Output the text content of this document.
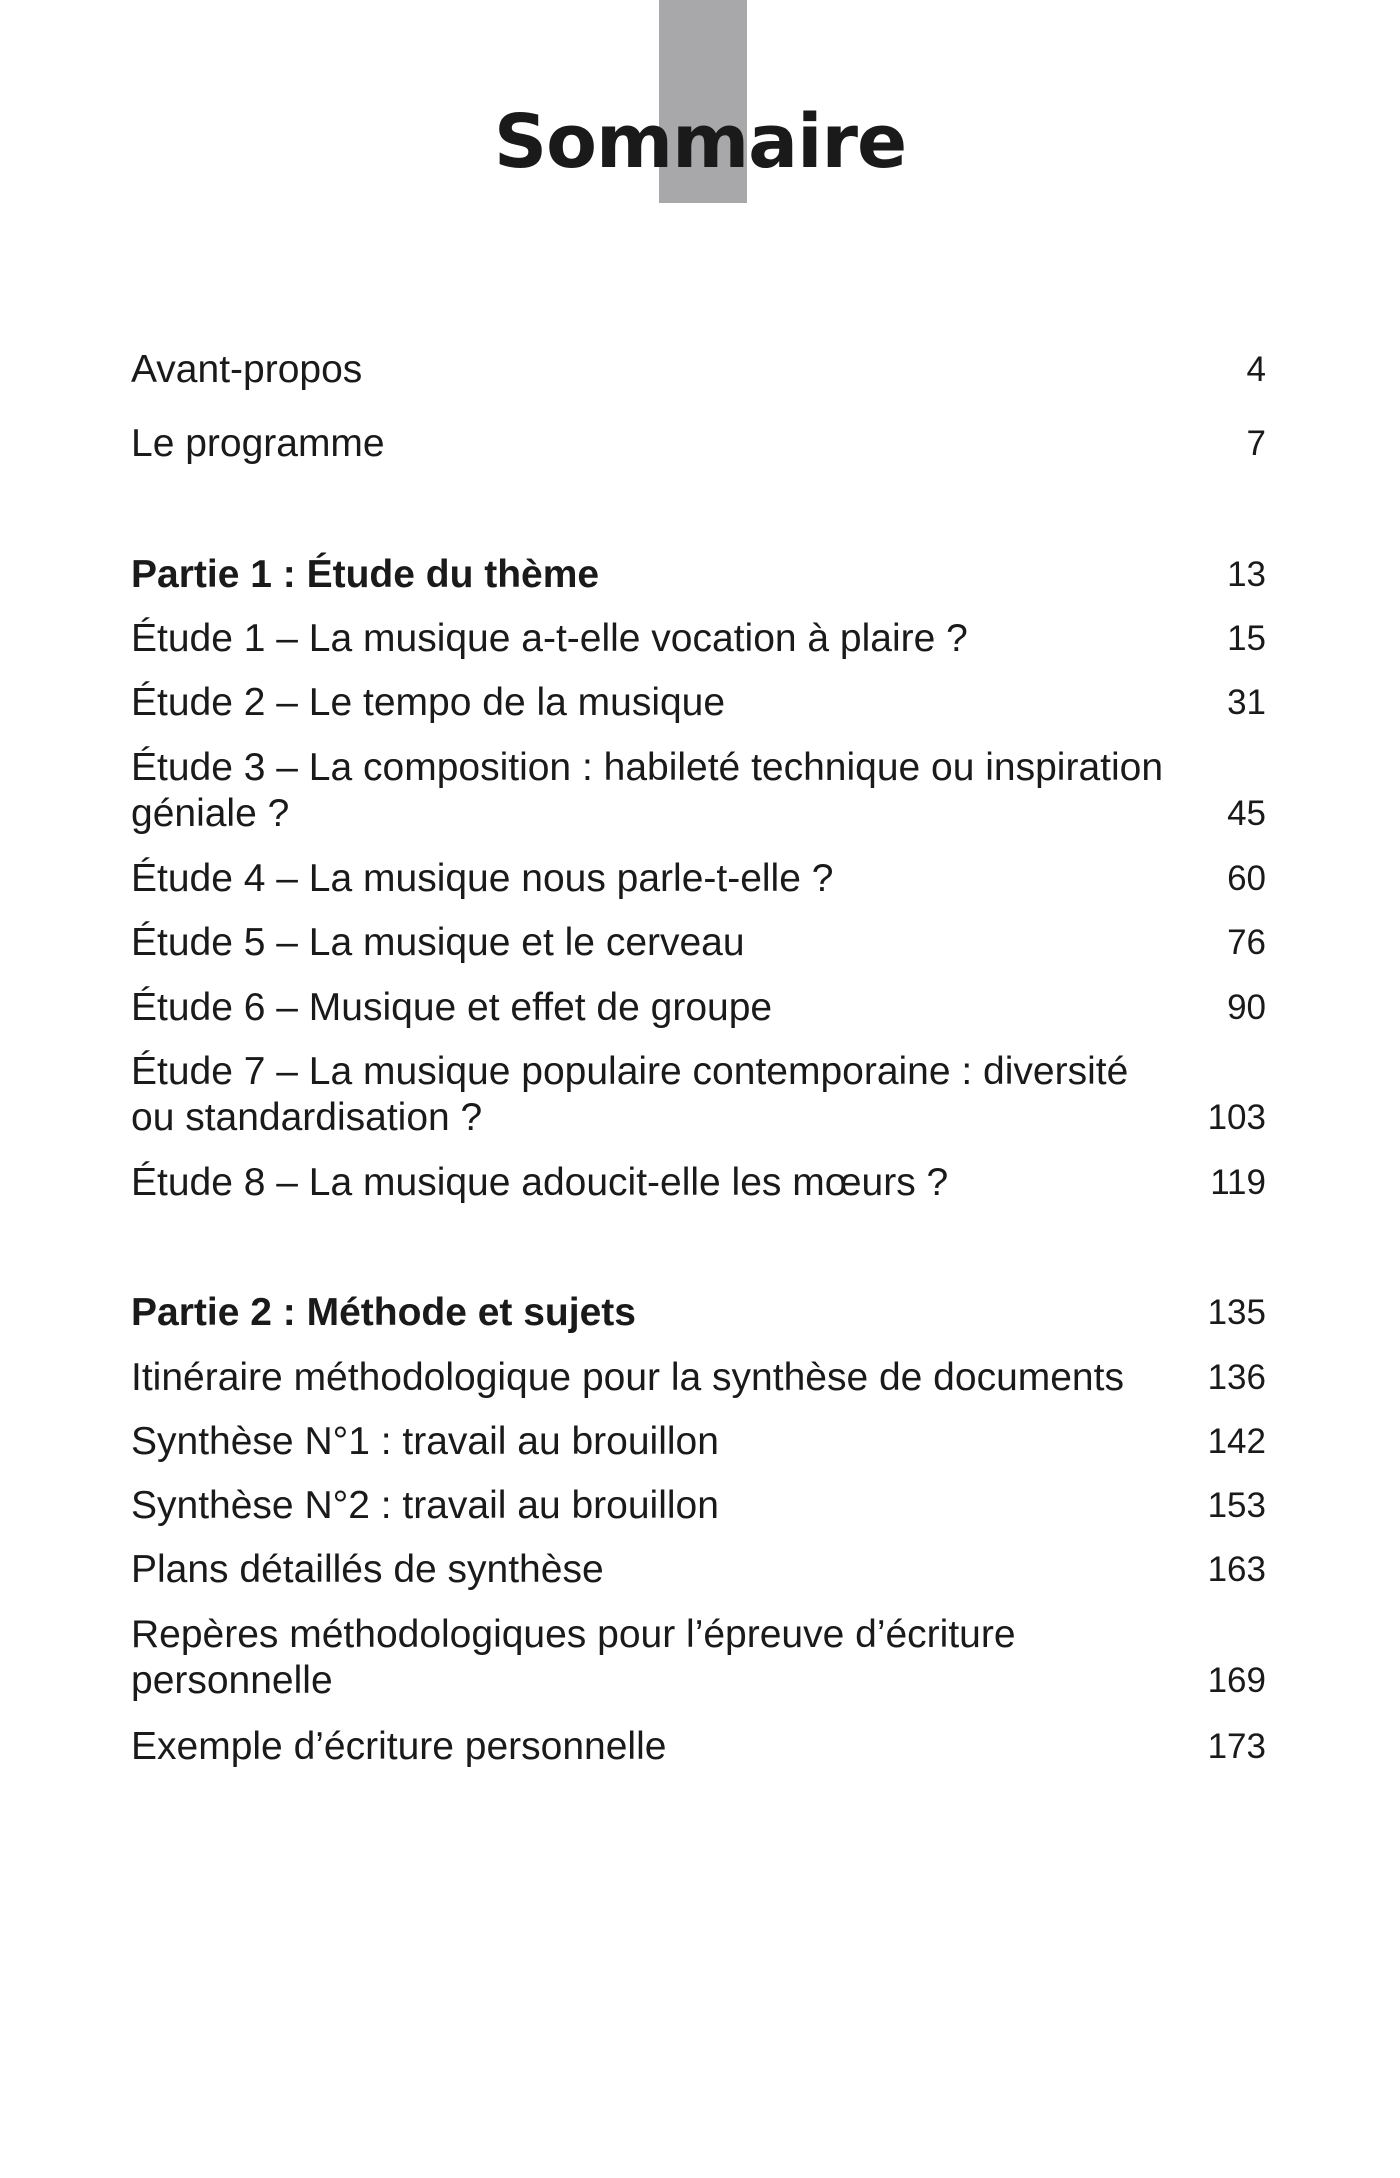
Sommaire
Avant-propos	4
Le programme	7
Partie 1 : Étude du thème	13
Étude 1 – La musique a-t-elle vocation à plaire ?	15
Étude 2 – Le tempo de la musique	31
Étude 3 – La composition : habileté technique ou inspiration
géniale ?	45
Étude 4 – La musique nous parle-t-elle ?	60
Étude 5 – La musique et le cerveau	76
Étude 6 – Musique et effet de groupe	90
Étude 7 – La musique populaire contemporaine : diversité
ou standardisation ?	103
Étude 8 – La musique adoucit-elle les mœurs ?	119
Partie 2 : Méthode et sujets	135
Itinéraire méthodologique pour la synthèse de documents	136
Synthèse N°1 : travail au brouillon	142
Synthèse N°2 : travail au brouillon	153
Plans détaillés de synthèse	163
Repères méthodologiques pour l’épreuve d’écriture
personnelle	169
Exemple d’écriture personnelle	173
